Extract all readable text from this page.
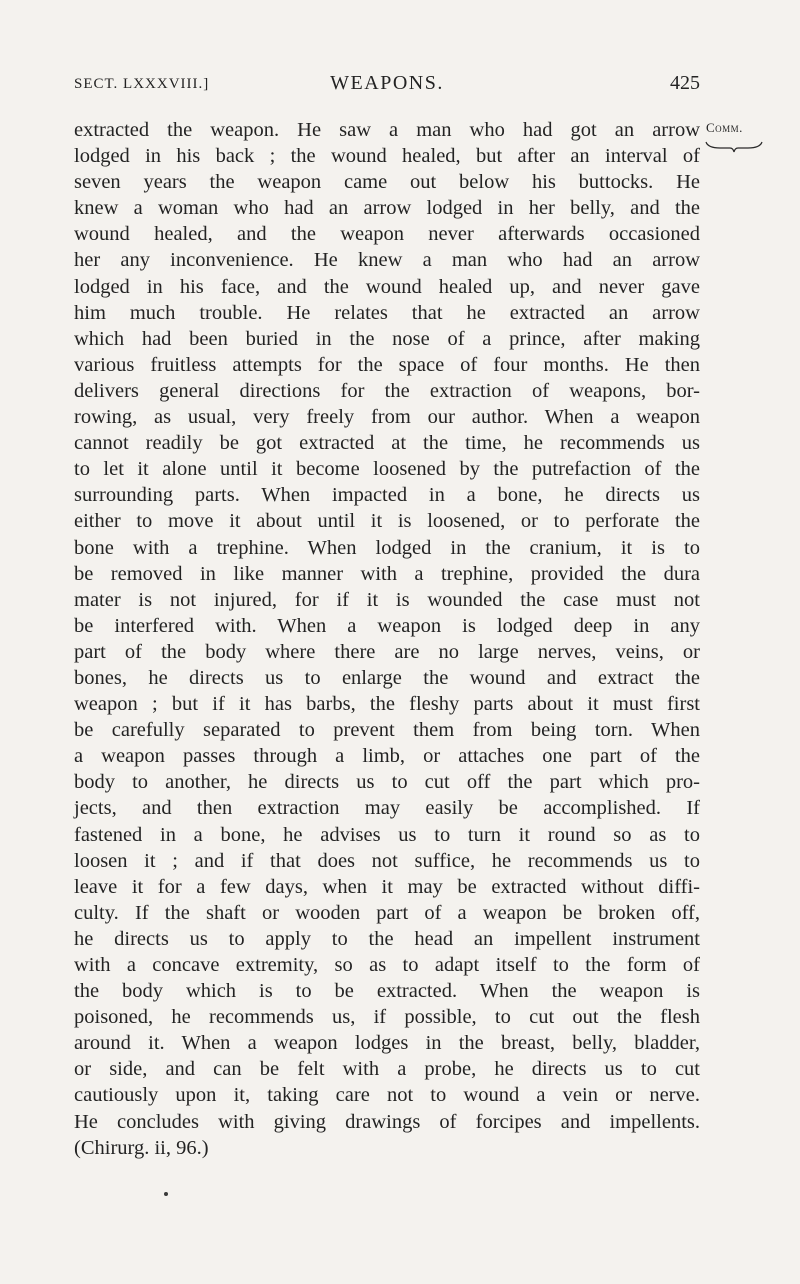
SECT. LXXXVIII.]	WEAPONS.	425
Comm.
extracted the weapon. He saw a man who had got an arrow
lodged in his back ; the wound healed, but after an interval of
seven years the weapon came out below his buttocks. He
knew a woman who had an arrow lodged in her belly, and the
wound healed, and the weapon never afterwards occasioned
her any inconvenience. He knew a man who had an arrow
lodged in his face, and the wound healed up, and never gave
him much trouble. He relates that he extracted an arrow
which had been buried in the nose of a prince, after making
various fruitless attempts for the space of four months. He then
delivers general directions for the extraction of weapons, bor-
rowing, as usual, very freely from our author. When a weapon
cannot readily be got extracted at the time, he recommends us
to let it alone until it become loosened by the putrefaction of the
surrounding parts. When impacted in a bone, he directs us
either to move it about until it is loosened, or to perforate the
bone with a trephine. When lodged in the cranium, it is to
be removed in like manner with a trephine, provided the dura
mater is not injured, for if it is wounded the case must not
be interfered with. When a weapon is lodged deep in any
part of the body where there are no large nerves, veins, or
bones, he directs us to enlarge the wound and extract the
weapon ; but if it has barbs, the fleshy parts about it must first
be carefully separated to prevent them from being torn. When
a weapon passes through a limb, or attaches one part of the
body to another, he directs us to cut off the part which pro-
jects, and then extraction may easily be accomplished. If
fastened in a bone, he advises us to turn it round so as to
loosen it ; and if that does not suffice, he recommends us to
leave it for a few days, when it may be extracted without diffi-
culty. If the shaft or wooden part of a weapon be broken off,
he directs us to apply to the head an impellent instrument
with a concave extremity, so as to adapt itself to the form of
the body which is to be extracted. When the weapon is
poisoned, he recommends us, if possible, to cut out the flesh
around it. When a weapon lodges in the breast, belly, bladder,
or side, and can be felt with a probe, he directs us to cut
cautiously upon it, taking care not to wound a vein or nerve.
He concludes with giving drawings of forcipes and impellents.
(Chirurg. ii, 96.)
